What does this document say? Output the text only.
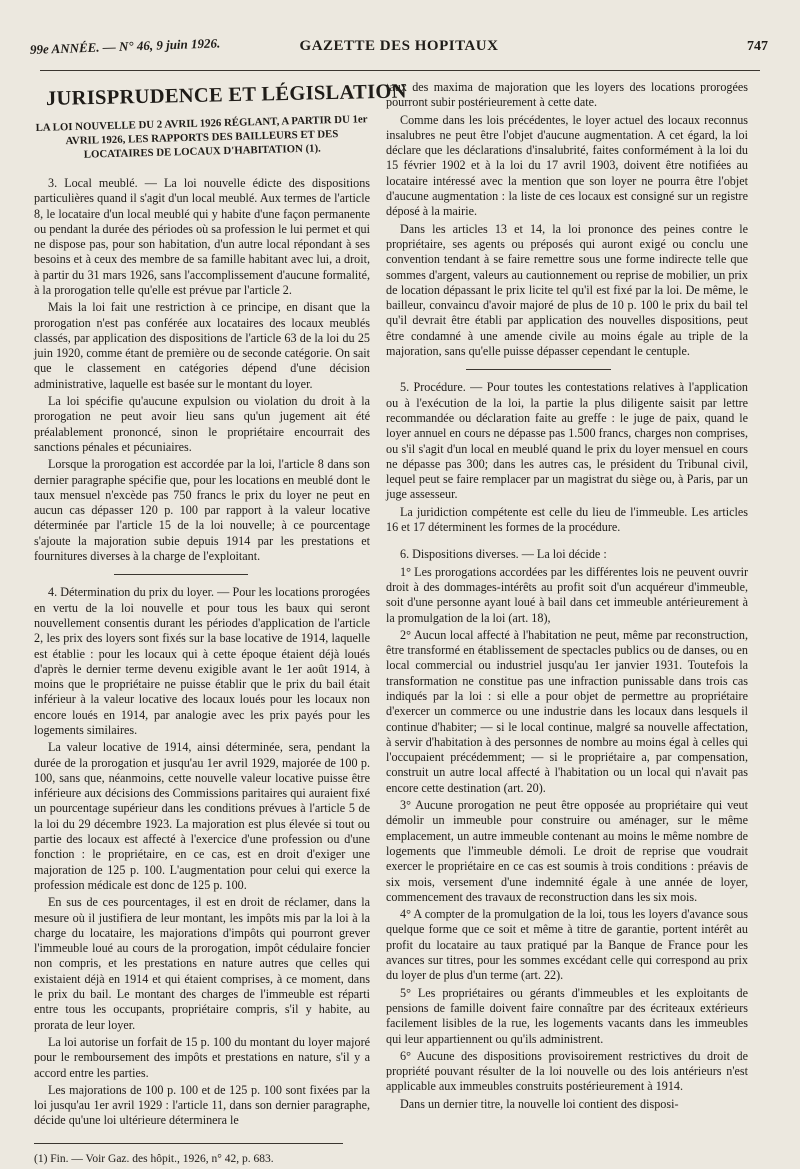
99e ANNÉE. — N° 46, 9 juin 1926.	GAZETTE DES HOPITAUX	747
JURISPRUDENCE ET LÉGISLATION
LA LOI NOUVELLE DU 2 AVRIL 1926 RÉGLANT, A PARTIR DU 1er AVRIL 1926, LES RAPPORTS DES BAILLEURS ET DES LOCATAIRES DE LOCAUX D'HABITATION (1).

3. Local meublé. — La loi nouvelle édicte des dispositions particulières quand il s'agit d'un local meublé. Aux termes de l'article 8, le locataire d'un local meublé qui y habite d'une façon permanente ou pendant la durée des périodes où sa profession le lui permet et qui ne dispose pas, pour son habitation, d'un autre local répondant à ses besoins et à ceux des membre de sa famille habitant avec lui, a droit, à partir du 31 mars 1926, sans l'accomplissement d'aucune formalité, à la prorogation telle qu'elle est prévue par l'article 2.

Mais la loi fait une restriction à ce principe, en disant que la prorogation n'est pas conférée aux locataires des locaux meublés classés, par application des dispositions de l'article 63 de la loi du 25 juin 1920, comme étant de première ou de seconde catégorie. On sait que le classement en catégories dépend d'une décision administrative, laquelle est basée sur le montant du loyer.

La loi spécifie qu'aucune expulsion ou violation du droit à la prorogation ne peut avoir lieu sans qu'un jugement ait été préalablement prononcé, sinon le propriétaire encourrait des sanctions pénales et pécuniaires.

Lorsque la prorogation est accordée par la loi, l'article 8 dans son dernier paragraphe spécifie que, pour les locations en meublé dont le taux mensuel n'excède pas 750 francs le prix du loyer ne peut en aucun cas dépasser 120 p. 100 par rapport à la valeur locative déterminée par l'article 15 de la loi nouvelle; à ce pourcentage s'ajoute la majoration subie depuis 1914 par les prestations et fournitures diverses à la charge de l'exploitant.

4. Détermination du prix du loyer. — Pour les locations prorogées en vertu de la loi nouvelle et pour tous les baux qui seront nouvellement consentis durant les périodes d'application de l'article 2, les prix des loyers sont fixés sur la base locative de 1914, laquelle est établie : pour les locaux qui à cette époque étaient déjà loués d'après le dernier terme devenu exigible avant le 1er août 1914, à moins que le propriétaire ne puisse établir que le prix du bail était inférieur à la valeur locative des locaux loués pour les locaux non encore loués en 1914, par analogie avec les prix payés pour les logements similaires.

La valeur locative de 1914, ainsi déterminée, sera, pendant la durée de la prorogation et jusqu'au 1er avril 1929, majorée de 100 p. 100, sans que, néanmoins, cette nouvelle valeur locative puisse être inférieure aux décisions des Commissions paritaires qui auraient fixé un pourcentage supérieur dans les conditions prévues à l'article 5 de la loi du 29 décembre 1923. La majoration est plus élevée si tout ou partie des locaux est affecté à l'exercice d'une profession ou d'une fonction : le propriétaire, en ce cas, est en droit d'exiger une majoration de 125 p. 100. L'augmentation pour celui qui exerce la profession médicale est donc de 125 p. 100.

En sus de ces pourcentages, il est en droit de réclamer, dans la mesure où il justifiera de leur montant, les impôts mis par la loi à la charge du locataire, les majorations d'impôts qui pourront grever l'immeuble loué au cours de la prorogation, impôt cédulaire foncier non compris, et les prestations en nature autres que celles qui existaient déjà en 1914 et qui étaient comprises, à ce moment, dans le prix du bail. Le montant des charges de l'immeuble est réparti entre tous les occupants, propriétaire compris, s'il y habite, au prorata de leur loyer.

La loi autorise un forfait de 15 p. 100 du montant du loyer majoré pour le remboursement des impôts et prestations en nature, s'il y a accord entre les parties.

Les majorations de 100 p. 100 et de 125 p. 100 sont fixées par la loi jusqu'au 1er avril 1929 : l'article 11, dans son dernier paragraphe, décide qu'une loi ultérieure déterminera le

(1) Fin. — Voir Gaz. des hôpit., 1926, n° 42, p. 683.

taux des maxima de majoration que les loyers des locations prorogées pourront subir postérieurement à cette date.

Comme dans les lois précédentes, le loyer actuel des locaux reconnus insalubres ne peut être l'objet d'aucune augmentation. A cet égard, la loi déclare que les déclarations d'insalubrité, faites conformément à la loi du 15 février 1902 et à la loi du 17 avril 1903, doivent être notifiées au locataire intéressé avec la mention que son loyer ne pourra être l'objet d'aucune augmentation : la liste de ces locaux est consigné sur un registre déposé à la mairie.

Dans les articles 13 et 14, la loi prononce des peines contre le propriétaire, ses agents ou préposés qui auront exigé ou conclu une convention tendant à se faire remettre sous une forme indirecte telle que sommes d'argent, valeurs au cautionnement ou reprise de mobilier, un prix de location dépassant le prix licite tel qu'il est fixé par la loi. De même, le bailleur, convaincu d'avoir majoré de plus de 10 p. 100 le prix du bail tel qu'il devrait être établi par application des nouvelles dispositions, peut être condamné à une amende civile au moins égale au triple de la majoration, sans qu'elle puisse dépasser cependant le centuple.

5. Procédure. — Pour toutes les contestations relatives à l'application ou à l'exécution de la loi, la partie la plus diligente saisit par lettre recommandée ou déclaration faite au greffe : le juge de paix, quand le loyer annuel en cours ne dépasse pas 1.500 francs, charges non comprises, ou s'il s'agit d'un local en meublé quand le prix du loyer mensuel en cours ne dépasse pas 300; dans les autres cas, le président du Tribunal civil, lequel peut se faire remplacer par un magistrat du siège ou, à Paris, par un juge assesseur.

La juridiction compétente est celle du lieu de l'immeuble. Les articles 16 et 17 déterminent les formes de la procédure.

6. Dispositions diverses. — La loi décide :

1° Les prorogations accordées par les différentes lois ne peuvent ouvrir droit à des dommages-intérêts au profit soit d'un acquéreur d'immeuble, soit d'une personne ayant loué à bail dans cet immeuble antérieurement à la promulgation de la loi (art. 18),

2° Aucun local affecté à l'habitation ne peut, même par reconstruction, être transformé en établissement de spectacles publics ou de danses, ou en local commercial ou industriel jusqu'au 1er janvier 1931. Toutefois la transformation ne constitue pas une infraction punissable dans trois cas indiqués par la loi : si elle a pour objet de permettre au propriétaire d'exercer un commerce ou une industrie dans les locaux dans lesquels il continue d'habiter; — si le local continue, malgré sa nouvelle affectation, à servir d'habitation à des personnes de nombre au moins égal à celles qui l'occupaient précédemment; — si le propriétaire a, par compensation, construit un autre local affecté à l'habitation ou un local qui n'avait pas encore cette destination (art. 20).

3° Aucune prorogation ne peut être opposée au propriétaire qui veut démolir un immeuble pour construire ou aménager, sur le même emplacement, un autre immeuble contenant au moins le même nombre de logements que l'immeuble démoli. Le droit de reprise que voudrait exercer le propriétaire en ce cas est soumis à trois conditions : préavis de six mois, versement d'une indemnité égale à une année de loyer, commencement des travaux de reconstruction dans les six mois.

4° A compter de la promulgation de la loi, tous les loyers d'avance sous quelque forme que ce soit et même à titre de garantie, portent intérêt au profit du locataire au taux pratiqué par la Banque de France pour les avances sur titres, pour les sommes excédant celle qui correspond au prix du loyer de plus d'un terme (art. 22).

5° Les propriétaires ou gérants d'immeubles et les exploitants de pensions de famille doivent faire connaître par des écriteaux extérieurs facilement lisibles de la rue, les logements vacants dans les immeubles qui leur appartiennent ou qu'ils administrent.

6° Aucune des dispositions provisoirement restrictives du droit de propriété pouvant résulter de la loi nouvelle ou des lois antérieurs n'est applicable aux immeubles construits postérieurement à 1914.

Dans un dernier titre, la nouvelle loi contient des disposi-
